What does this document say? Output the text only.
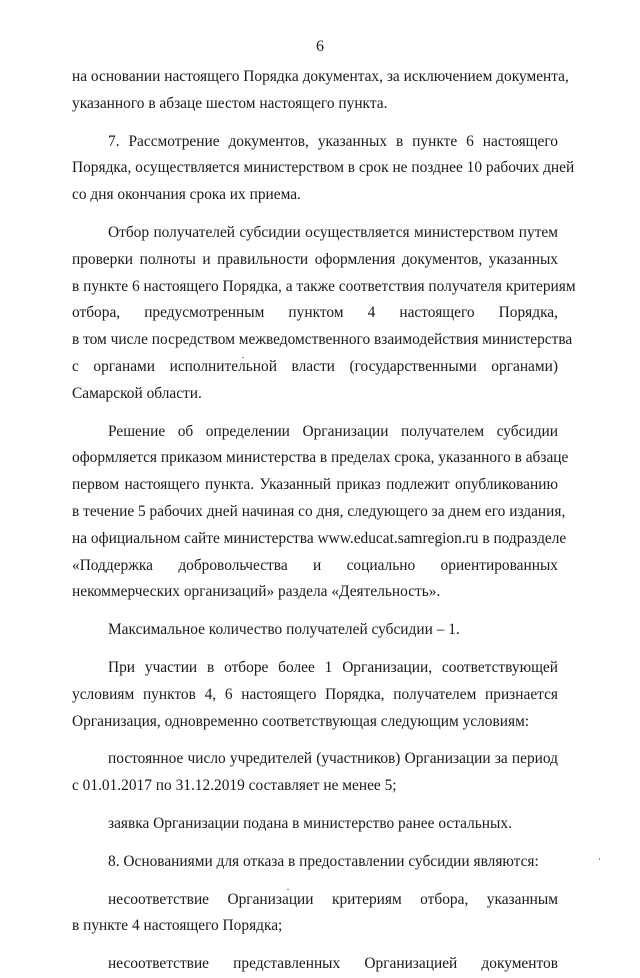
6

на основании настоящего Порядка документах, за исключением документа,
указанного в абзаце шестом настоящего пункта.

7. Рассмотрение документов, указанных в пункте 6 настоящего
Порядка, осуществляется министерством в срок не позднее 10 рабочих дней
со дня окончания срока их приема.

Отбор получателей субсидии осуществляется министерством путем
проверки полноты и правильности оформления документов, указанных
в пункте 6 настоящего Порядка, а также соответствия получателя критериям
отбора, предусмотренным пунктом 4 настоящего Порядка,
в том числе посредством межведомственного взаимодействия министерства
с органами исполнительной власти (государственными органами)
Самарской области.

Решение об определении Организации получателем субсидии
оформляется приказом министерства в пределах срока, указанного в абзаце
первом настоящего пункта. Указанный приказ подлежит опубликованию
в течение 5 рабочих дней начиная со дня, следующего за днем его издания,
на официальном сайте министерства www.educat.samregion.ru в подразделе
«Поддержка добровольчества и социально ориентированных
некоммерческих организаций» раздела «Деятельность».

Максимальное количество получателей субсидии – 1.

При участии в отборе более 1 Организации, соответствующей
условиям пунктов 4, 6 настоящего Порядка, получателем признается
Организация, одновременно соответствующая следующим условиям:

постоянное число учредителей (участников) Организации за период
с 01.01.2017 по 31.12.2019 составляет не менее 5;

заявка Организации подана в министерство ранее остальных.

8. Основаниями для отказа в предоставлении субсидии являются:

несоответствие Организации критериям отбора, указанным
в пункте 4 настоящего Порядка;

несоответствие представленных Организацией документов
